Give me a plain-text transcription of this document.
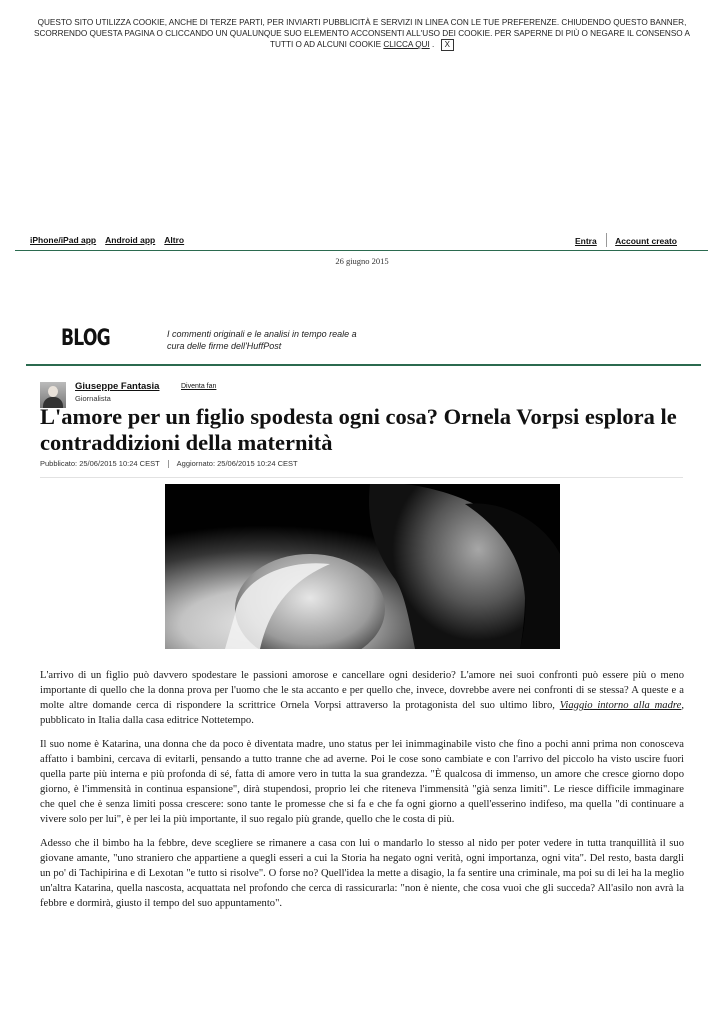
QUESTO SITO UTILIZZA COOKIE, ANCHE DI TERZE PARTI, PER INVIARTI PUBBLICITÀ E SERVIZI IN LINEA CON LE TUE PREFERENZE. CHIUDENDO QUESTO BANNER, SCORRENDO QUESTA PAGINA O CLICCANDO UN QUALUNQUE SUO ELEMENTO ACCONSENTI ALL'USO DEI COOKIE. PER SAPERNE DI PIÙ O NEGARE IL CONSENSO A TUTTI O AD ALCUNI COOKIE CLICCA QUI . X
iPhone/iPad app Android app Altro	Entra Account creato
26 giugno 2015
BLOG	I commenti originali e le analisi in tempo reale a cura delle firme dell'HuffPost
Giuseppe Fantasia	Diventa fan
Giornalista
L'amore per un figlio spodesta ogni cosa? Ornela Vorpsi esplora le contraddizioni della maternità
Pubblicato: 25/06/2015 10:24 CEST Aggiornato: 25/06/2015 10:24 CEST

L'arrivo di un figlio può davvero spodestare le passioni amorose e cancellare ogni desiderio? L'amore nei suoi confronti può essere più o meno importante di quello che la donna prova per l'uomo che le sta accanto e per quello che, invece, dovrebbe avere nei confronti di se stessa? A queste e a molte altre domande cerca di rispondere la scrittrice Ornela Vorpsi attraverso la protagonista del suo ultimo libro, Viaggio intorno alla madre, pubblicato in Italia dalla casa editrice Nottetempo.

Il suo nome è Katarina, una donna che da poco è diventata madre, uno status per lei inimmaginabile visto che fino a pochi anni prima non conosceva affatto i bambini, cercava di evitarli, pensando a tutto tranne che ad averne. Poi le cose sono cambiate e con l'arrivo del piccolo ha visto uscire fuori quella parte più interna e più profonda di sé, fatta di amore vero in tutta la sua grandezza. "È qualcosa di immenso, un amore che cresce giorno dopo giorno, è l'immensità in continua espansione", dirà stupendosi, proprio lei che riteneva l'immensità "già senza limiti". Le riesce difficile immaginare che quel che è senza limiti possa crescere: sono tante le promesse che si fa e che fa ogni giorno a quell'esserino indifeso, ma quella "di continuare a vivere solo per lui", è per lei la più importante, il suo regalo più grande, quello che le costa di più.

Adesso che il bimbo ha la febbre, deve scegliere se rimanere a casa con lui o mandarlo lo stesso al nido per poter vedere in tutta tranquillità il suo giovane amante, "uno straniero che appartiene a quegli esseri a cui la Storia ha negato ogni verità, ogni importanza, ogni vita". Del resto, basta dargli un po' di Tachipirina e di Lexotan "e tutto si risolve". O forse no? Quell'idea la mette a disagio, la fa sentire una criminale, ma poi su di lei ha la meglio un'altra Katarina, quella nascosta, acquattata nel profondo che cerca di rassicurarla: "non è niente, che cosa vuoi che gli succeda? All'asilo non avrà la febbre e dormirà, giusto il tempo del suo appuntamento".
